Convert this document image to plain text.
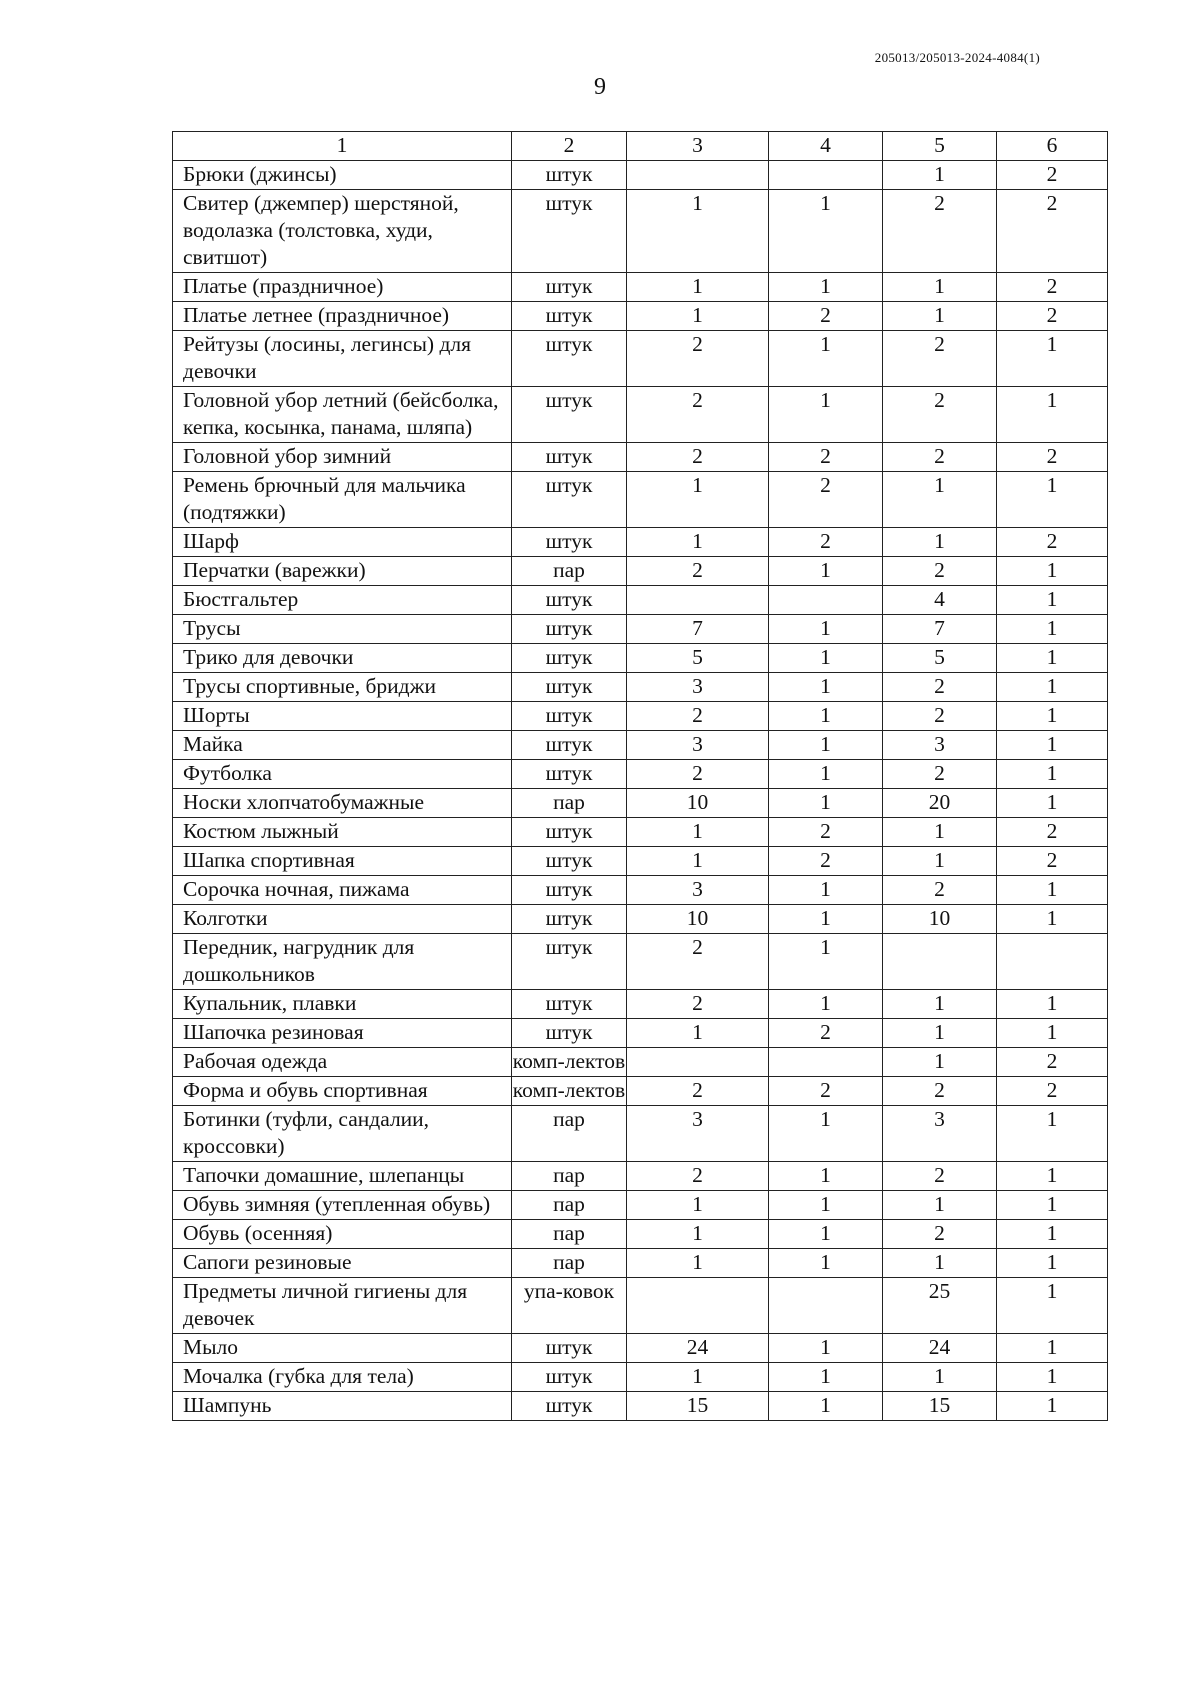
205013/205013-2024-4084(1)
9
1	2	3	4	5	6
Брюки (джинсы)	штук			1	2
Свитер (джемпер) шерстяной, водолазка (толстовка, худи, свитшот)	штук	1	1	2	2
Платье (праздничное)	штук	1	1	1	2
Платье летнее (праздничное)	штук	1	2	1	2
Рейтузы (лосины, легинсы) для девочки	штук	2	1	2	1
Головной убор летний (бейсболка, кепка, косынка, панама, шляпа)	штук	2	1	2	1
Головной убор зимний	штук	2	2	2	2
Ремень брючный для мальчика (подтяжки)	штук	1	2	1	1
Шарф	штук	1	2	1	2
Перчатки (варежки)	пар	2	1	2	1
Бюстгальтер	штук			4	1
Трусы	штук	7	1	7	1
Трико для девочки	штук	5	1	5	1
Трусы спортивные, бриджи	штук	3	1	2	1
Шорты	штук	2	1	2	1
Майка	штук	3	1	3	1
Футболка	штук	2	1	2	1
Носки хлопчатобумажные	пар	10	1	20	1
Костюм лыжный	штук	1	2	1	2
Шапка спортивная	штук	1	2	1	2
Сорочка ночная, пижама	штук	3	1	2	1
Колготки	штук	10	1	10	1
Передник, нагрудник для дошкольников	штук	2	1		
Купальник, плавки	штук	2	1	1	1
Шапочка резиновая	штук	1	2	1	1
Рабочая одежда	комп-лектов			1	2
Форма и обувь спортивная	комп-лектов	2	2	2	2
Ботинки (туфли, сандалии, кроссовки)	пар	3	1	3	1
Тапочки домашние, шлепанцы	пар	2	1	2	1
Обувь зимняя (утепленная обувь)	пар	1	1	1	1
Обувь (осенняя)	пар	1	1	2	1
Сапоги резиновые	пар	1	1	1	1
Предметы личной гигиены для девочек	упа-ковок			25	1
Мыло	штук	24	1	24	1
Мочалка (губка для тела)	штук	1	1	1	1
Шампунь	штук	15	1	15	1
